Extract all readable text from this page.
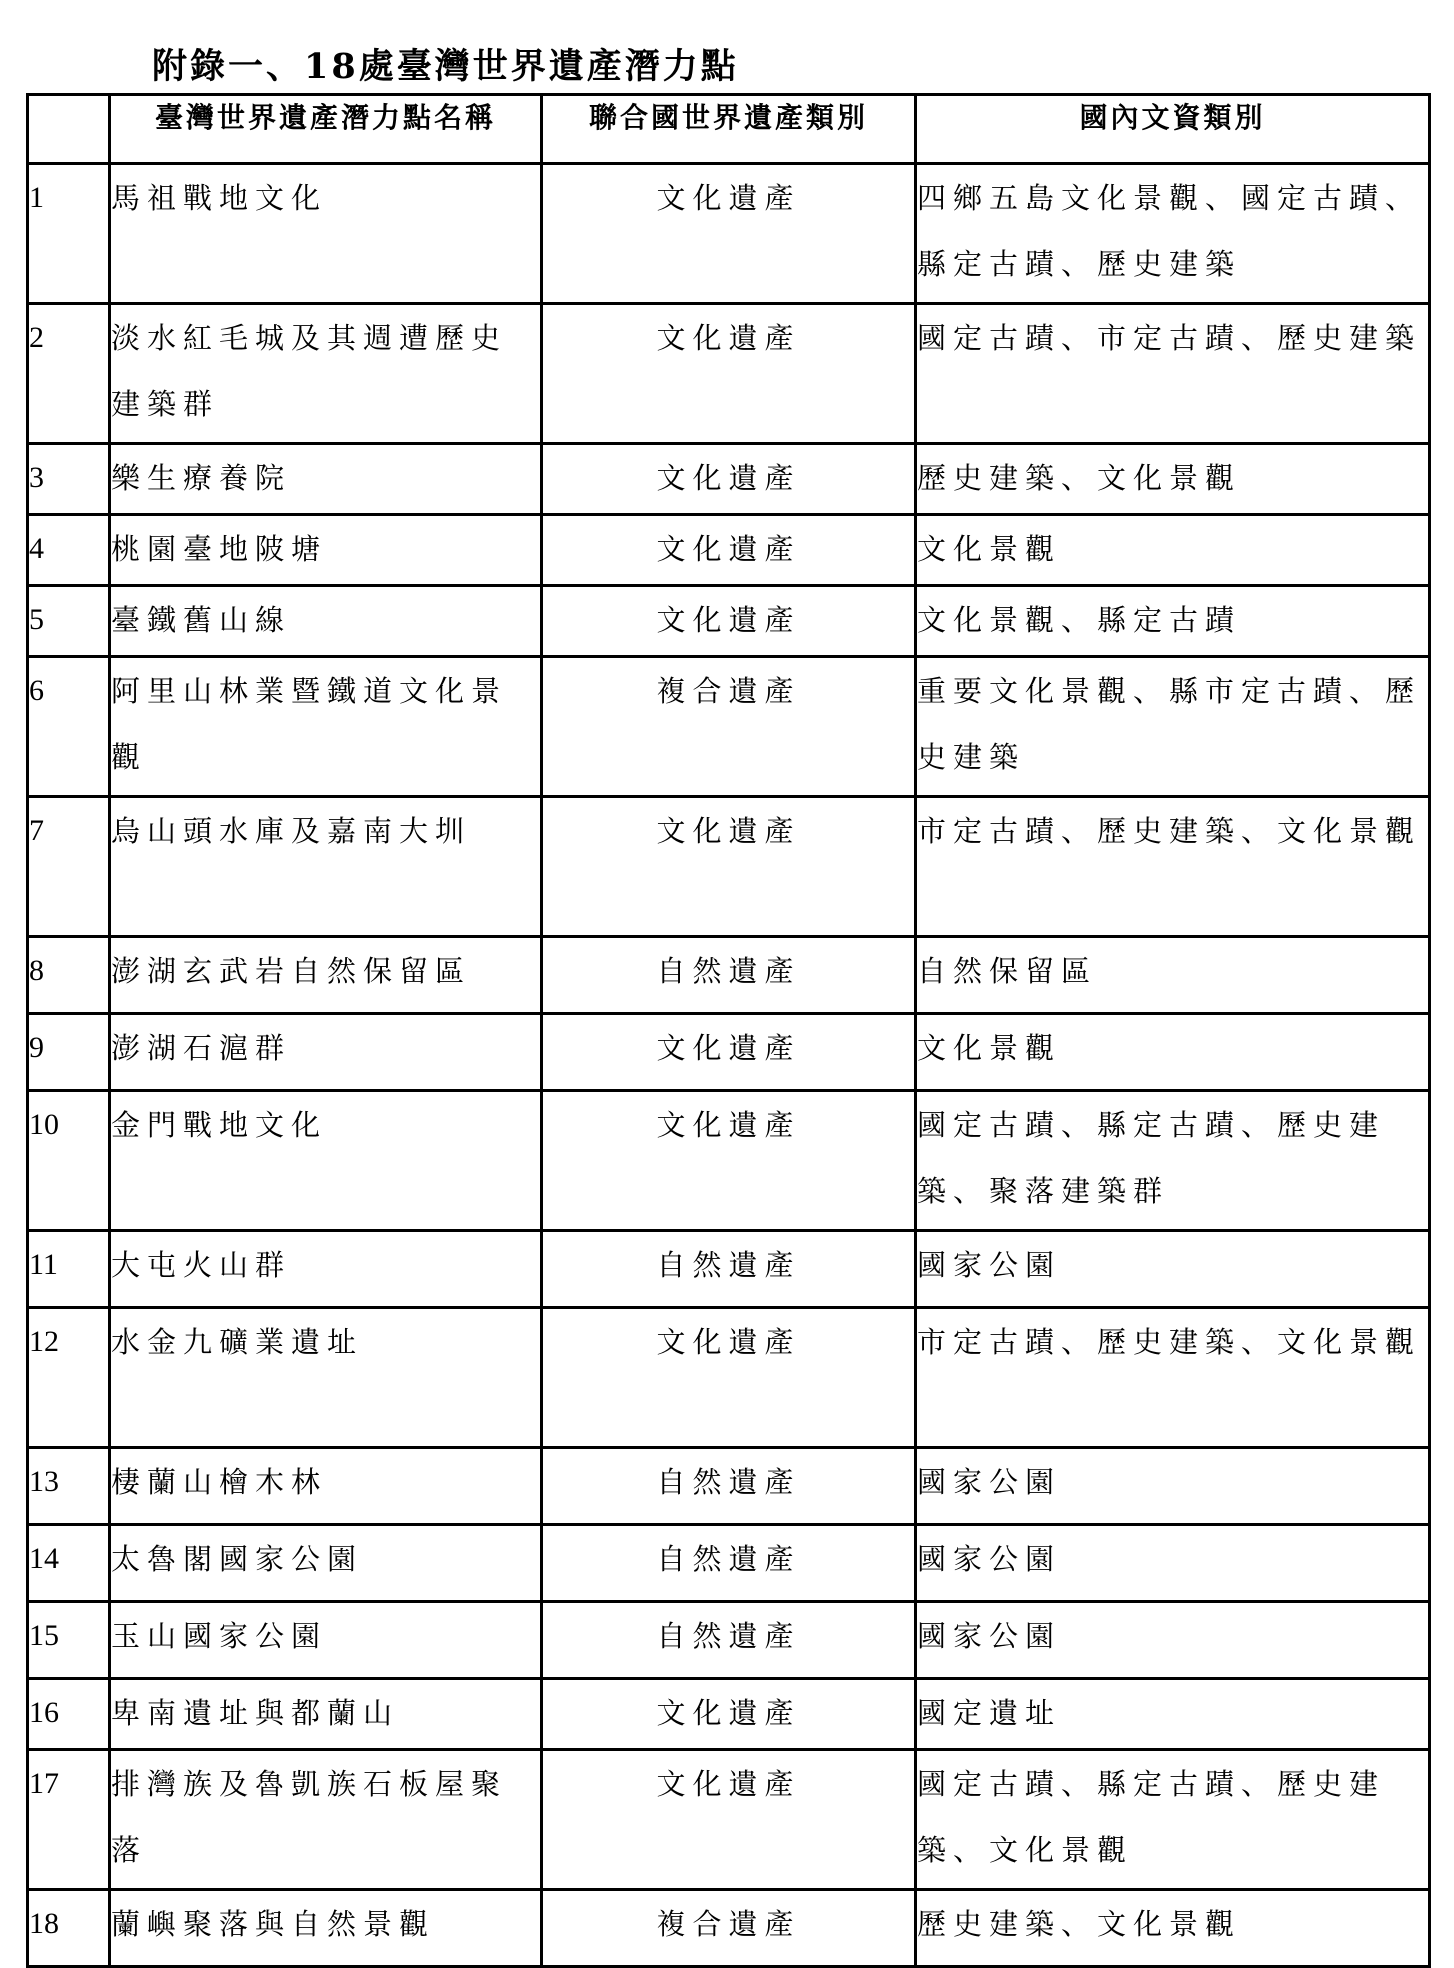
附錄一、18處臺灣世界遺產潛力點
	臺灣世界遺產潛力點名稱	聯合國世界遺產類別	國內文資類別
1	馬祖戰地文化	文化遺產	四鄉五島文化景觀、國定古蹟、縣定古蹟、歷史建築
2	淡水紅毛城及其週遭歷史建築群	文化遺產	國定古蹟、市定古蹟、歷史建築
3	樂生療養院	文化遺產	歷史建築、文化景觀
4	桃園臺地陂塘	文化遺產	文化景觀
5	臺鐵舊山線	文化遺產	文化景觀、縣定古蹟
6	阿里山林業暨鐵道文化景觀	複合遺產	重要文化景觀、縣市定古蹟、歷史建築
7	烏山頭水庫及嘉南大圳	文化遺產	市定古蹟、歷史建築、文化景觀
8	澎湖玄武岩自然保留區	自然遺產	自然保留區
9	澎湖石滬群	文化遺產	文化景觀
10	金門戰地文化	文化遺產	國定古蹟、縣定古蹟、歷史建築、聚落建築群
11	大屯火山群	自然遺產	國家公園
12	水金九礦業遺址	文化遺產	市定古蹟、歷史建築、文化景觀
13	棲蘭山檜木林	自然遺產	國家公園
14	太魯閣國家公園	自然遺產	國家公園
15	玉山國家公園	自然遺產	國家公園
16	卑南遺址與都蘭山	文化遺產	國定遺址
17	排灣族及魯凱族石板屋聚落	文化遺產	國定古蹟、縣定古蹟、歷史建築、文化景觀
18	蘭嶼聚落與自然景觀	複合遺產	歷史建築、文化景觀
